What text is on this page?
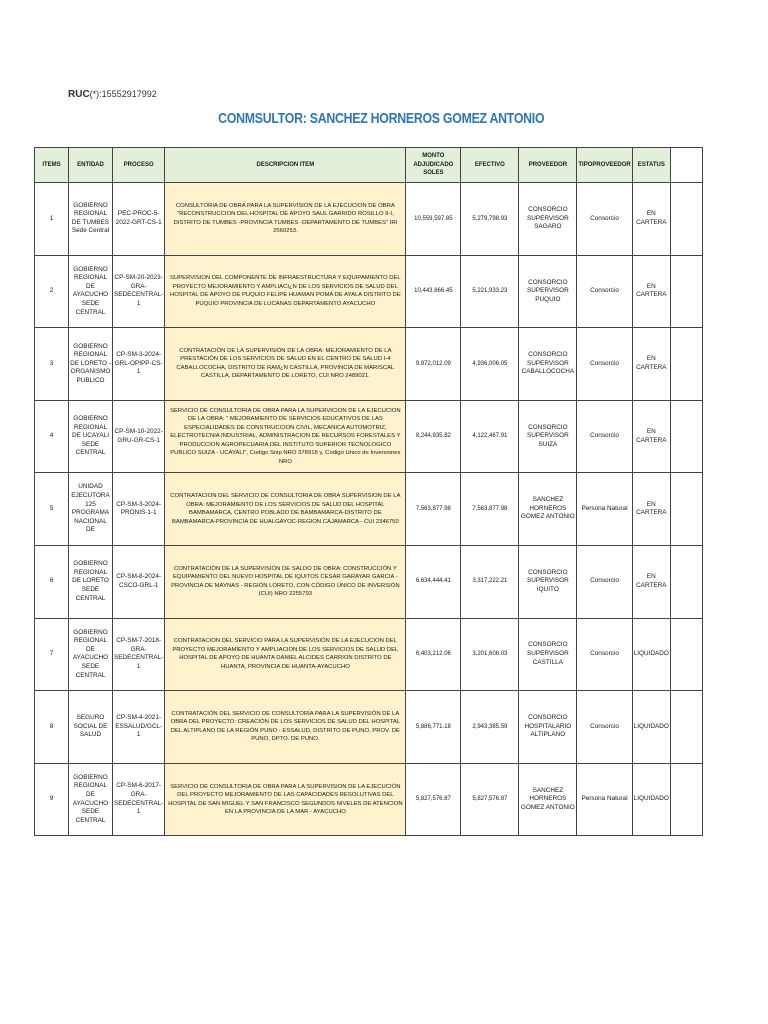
RUC(*):15552917992
CONMSULTOR: SANCHEZ HORNEROS GOMEZ ANTONIO
ITEMS	ENTIDAD	PROCESO	DESCRIPCION ITEM	MONTO ADJUDICADO SOLES	EFECTIVO	PROVEEDOR	TIPOPROVEEDOR	ESTATUS	

1	GOBIERNO REGIONAL DE TUMBES Sede Central	PEC-PROC-5-2022-GRT-CS-1	CONSULTORIA DE OBRA PARA LA SUPERVISION DE LA EJECUCION DE OBRA "RECONSTRUCCION DEL HOSPITAL DE APOYO SAUL GARRIDO ROSILLO II-I, DISTRITO DE TUMBES -PROVINCIA TUMBES -DEPARTAMENTO DE TUMBES" IRI 2560253.	10,559,597.85	5,279,798.93	CONSORCIO SUPERVISOR SAGARO	Consorcio	EN CARTERA	

2	GOBIERNO REGIONAL DE AYACUCHO SEDE CENTRAL	CP-SM-20-2023-GRA-SEDECENTRAL-1	SUPERVISION DEL COMPONENTE DE INFRAESTRUCTURA Y EQUIPAMIENTO DEL PROYECTO MEJORAMIENTO Y AMPLIACI¿N DE LOS SERVICIOS DE SALUD DEL HOSPITAL DE APOYO DE PUQUIO FELIPE HUAMAN POMA DE AYALA DISTRITO DE PUQUIO PROVINCIA DE LUCANAS DEPARTAMENTO AYACUCHO	10,443,866.45	5,221,933.23	CONSORCIO SUPERVISOR PUQUIO	Consorcio	EN CARTERA	

3	GOBIERNO REGIONAL DE LORETO - ORGANISMO PUBLICO	CP-SM-3-2024-GRL-OPIPP-CS-1	CONTRATACIÓN DE LA SUPERVISIÓN DE LA OBRA: MEJORAMIENTO DE LA PRESTACIÓN DE LOS SERVICIOS DE SALUD EN EL CENTRO DE SALUD I-4 CABALLOCOCHA, DISTRITO DE RAM¿N CASTILLA, PROVINCIA DE MARISCAL CASTILLA, DEPARTAMENTO DE LORETO, CUI NRO 2489021.	9,872,012.09	4,936,006.05	CONSORCIO SUPERVISOR CABALLOCOCHA	Consorcio	EN CARTERA	

4	GOBIERNO REGIONAL DE UCAYALI SEDE CENTRAL	CP-SM-10-2022-GRU-GR-CS-1	SERVICIO DE CONSULTORIA DE OBRA PARA LA SUPERVICION DE LA EJECUCION DE LA OBRA: " MEJORAMIENTO DE SERVICIOS EDUCATIVOS DE LAS ESPECIALIDADES DE CONSTRUCCION CIVIL, MECANICA AUTOMOTRIZ, ELECTROTECNIA INDUSTRIAL, ADMINISTRACION DE RECURSOS FORESTALES Y PRODUCCION AGROPECUARIA DEL INSTITUTO SUPERIOR TECNOLOGICO PUBLICO SUIZA - UCAYALI", Codigo Snip NRO 378918 y, Codigo Unico de Inversiones NRO	8,244,935.82	4,122,467.91	CONSORCIO SUPERVISOR SUIZA	Consorcio	EN CARTERA	

5	UNIDAD EJECUTORA 125 PROGRAMA NACIONAL DE	CP-SM-3-2024-PRONIS-1-1	CONTRATACION DEL SERVICIO DE CONSULTORIA DE OBRA SUPERVISION DE LA OBRA: MEJORAMIENTO DE LOS SERVICIOS DE SALUD DEL HOSPITAL BAMBAMARCA, CENTRO POBLADO DE BAMBAMARCA-DISTRITO DE BAMBAMARCA-PROVINCIA DE HUALGAYOC-REGION CAJAMARCA - CUI 2346750	7,563,877.98	7,563,877.98	SANCHEZ HORNEROS GOMEZ ANTONIO	Persona Natural	EN CARTERA	

6	GOBIERNO REGIONAL DE LORETO SEDE CENTRAL	CP-SM-8-2024-CSCO-GRL-1	CONTRATACIÓN DE LA SUPERVISIÓN DE SALDO DE OBRA: CONSTRUCCIÓN Y EQUIPAMIENTO DEL NUEVO HOSPITAL DE IQUITOS CESAR GARAYAR GARCIA -PROVINCIA DE MAYNAS - REGIÓN LORETO, CON CÓDIGO ÚNICO DE INVERSIÓN (CUI) NRO 2255793	6,634,444.41	3,317,222.21	CONSORCIO SUPERVISOR IQUITO	Consorcio	EN CARTERA	

7	GOBIERNO REGIONAL DE AYACUCHO SEDE CENTRAL	CP-SM-7-2018-GRA-SEDECENTRAL-1	CONTRATACION DEL SERVICIO PARA LA SUPERVISIÓN DE LA EJECUCION DEL PROYECTO MEJORAMIENTO Y AMPLIACION DE LOS SERVICIOS DE SALUD DEL HOSPITAL DE APOYO DE HUANTA DANIEL ALCIDES CARRION DISTRITO DE HUANTA, PROVINCIA DE HUANTA-AYACUCHO	6,403,212.06	3,201,606.03	CONSORCIO SUPERVISOR CASTILLA	Consorcio	LIQUIDADO	

8	SEGURO SOCIAL DE SALUD	CP-SM-4-2021-ESSALUD/GCL-1	CONTRATACIÓN DEL SERVICIO DE CONSULTORÍA PARA LA SUPERVISIÓN DE LA OBRA DEL PROYECTO: CREACIÓN DE LOS SERVICIOS DE SALUD DEL HOSPITAL DEL ALTIPLANO DE LA REGIÓN PUNO - ESSALUD, DISTRITO DE PUNO, PROV. DE PUNO, DPTO. DE PUNO.	5,886,771.18	2,943,385.59	CONSORCIO HOSPITALARIO ALTIPLANO	Consorcio	LIQUIDADO	

9	GOBIERNO REGIONAL DE AYACUCHO SEDE CENTRAL	CP-SM-6-2017-GRA-SEDECENTRAL-1	SERVICIO DE CONSULTORIA DE OBRA PARA LA SUPERVISION DE LA EJECUCIÓN DEL PROYECTO MEJORAMIENTO DE LAS CAPACIDADES RESOLUTIVAS DEL HOSPITAL DE SAN MIGUEL Y SAN FRANCISCO SEGUNDOS NIVELES DE ATENCION EN LA PROVINCIA DE LA MAR - AYACUCHO	5,827,576.87	5,827,576.87	SANCHEZ HORNEROS GOMEZ ANTONIO	Persona Natural	LIQUIDADO	
